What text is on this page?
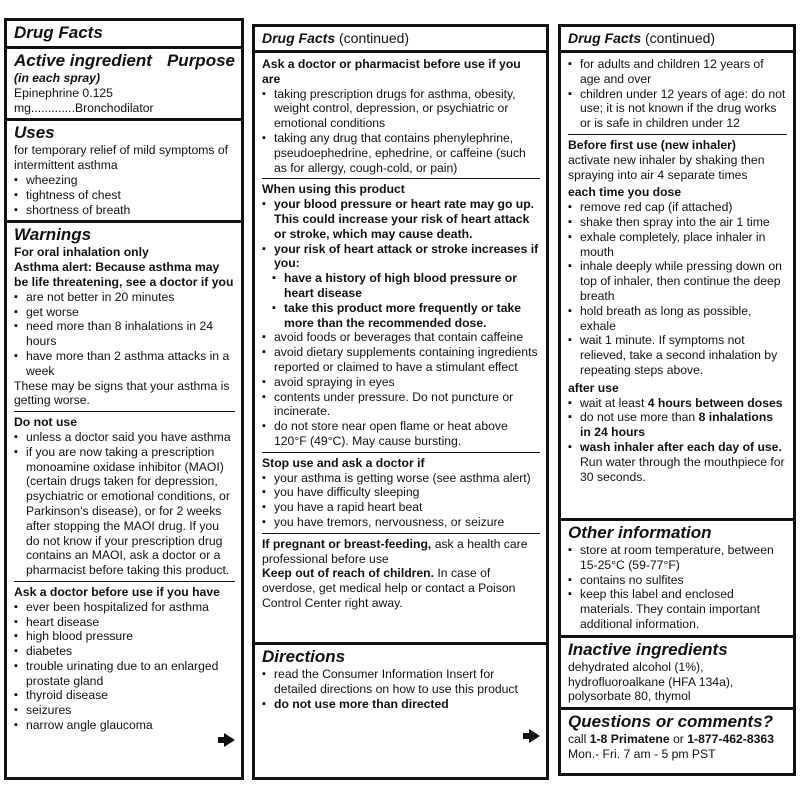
Drug Facts
Active ingredient Purpose
(in each spray)
Epinephrine 0.125 mg.............Bronchodilator
Uses
for temporary relief of mild symptoms of intermittent asthma
▪ wheezing
▪ tightness of chest
▪ shortness of breath
Warnings
For oral inhalation only
Asthma alert: Because asthma may be life threatening, see a doctor if you
▪ are not better in 20 minutes
▪ get worse
▪ need more than 8 inhalations in 24 hours
▪ have more than 2 asthma attacks in a week
These may be signs that your asthma is getting worse.
Do not use
▪ unless a doctor said you have asthma
▪ if you are now taking a prescription monoamine oxidase inhibitor (MAOI) (certain drugs taken for depression, psychiatric or emotional conditions, or Parkinson's disease), or for 2 weeks after stopping the MAOI drug. If you do not know if your prescription drug contains an MAOI, ask a doctor or a pharmacist before taking this product.
Ask a doctor before use if you have
▪ ever been hospitalized for asthma
▪ heart disease
▪ high blood pressure
▪ diabetes
▪ trouble urinating due to an enlarged prostate gland
▪ thyroid disease
▪ seizures
▪ narrow angle glaucoma
Drug Facts (continued)
Ask a doctor or pharmacist before use if you are
▪ taking prescription drugs for asthma, obesity, weight control, depression, or psychiatric or emotional conditions
▪ taking any drug that contains phenylephrine, pseudoephedrine, ephedrine, or caffeine (such as for allergy, cough-cold, or pain)
When using this product
▪ your blood pressure or heart rate may go up. This could increase your risk of heart attack or stroke, which may cause death.
▪ your risk of heart attack or stroke increases if you:
▪ have a history of high blood pressure or heart disease
▪ take this product more frequently or take more than the recommended dose.
▪ avoid foods or beverages that contain caffeine
▪ avoid dietary supplements containing ingredients reported or claimed to have a stimulant effect
▪ avoid spraying in eyes
▪ contents under pressure. Do not puncture or incinerate.
▪ do not store near open flame or heat above 120°F (49°C). May cause bursting.
Stop use and ask a doctor if
▪ your asthma is getting worse (see asthma alert)
▪ you have difficulty sleeping
▪ you have a rapid heart beat
▪ you have tremors, nervousness, or seizure
If pregnant or breast-feeding, ask a health care professional before use
Keep out of reach of children. In case of overdose, get medical help or contact a Poison Control Center right away.
Directions
▪ read the Consumer Information Insert for detailed directions on how to use this product
▪ do not use more than directed
Drug Facts (continued)
▪ for adults and children 12 years of age and over
▪ children under 12 years of age: do not use; it is not known if the drug works or is safe in children under 12
Before first use (new inhaler)
activate new inhaler by shaking then spraying into air 4 separate times
each time you dose
▪ remove red cap (if attached)
▪ shake then spray into the air 1 time
▪ exhale completely, place inhaler in mouth
▪ inhale deeply while pressing down on top of inhaler, then continue the deep breath
▪ hold breath as long as possible, exhale
▪ wait 1 minute. If symptoms not relieved, take a second inhalation by repeating steps above.
after use
▪ wait at least 4 hours between doses
▪ do not use more than 8 inhalations in 24 hours
▪ wash inhaler after each day of use. Run water through the mouthpiece for 30 seconds.
Other information
▪ store at room temperature, between 15-25°C (59-77°F)
▪ contains no sulfites
▪ keep this label and enclosed materials. They contain important additional information.
Inactive ingredients
dehydrated alcohol (1%), hydrofluoroalkane (HFA 134a), polysorbate 80, thymol
Questions or comments?
call 1-8 Primatene or 1-877-462-8363
Mon.- Fri. 7 am - 5 pm PST
